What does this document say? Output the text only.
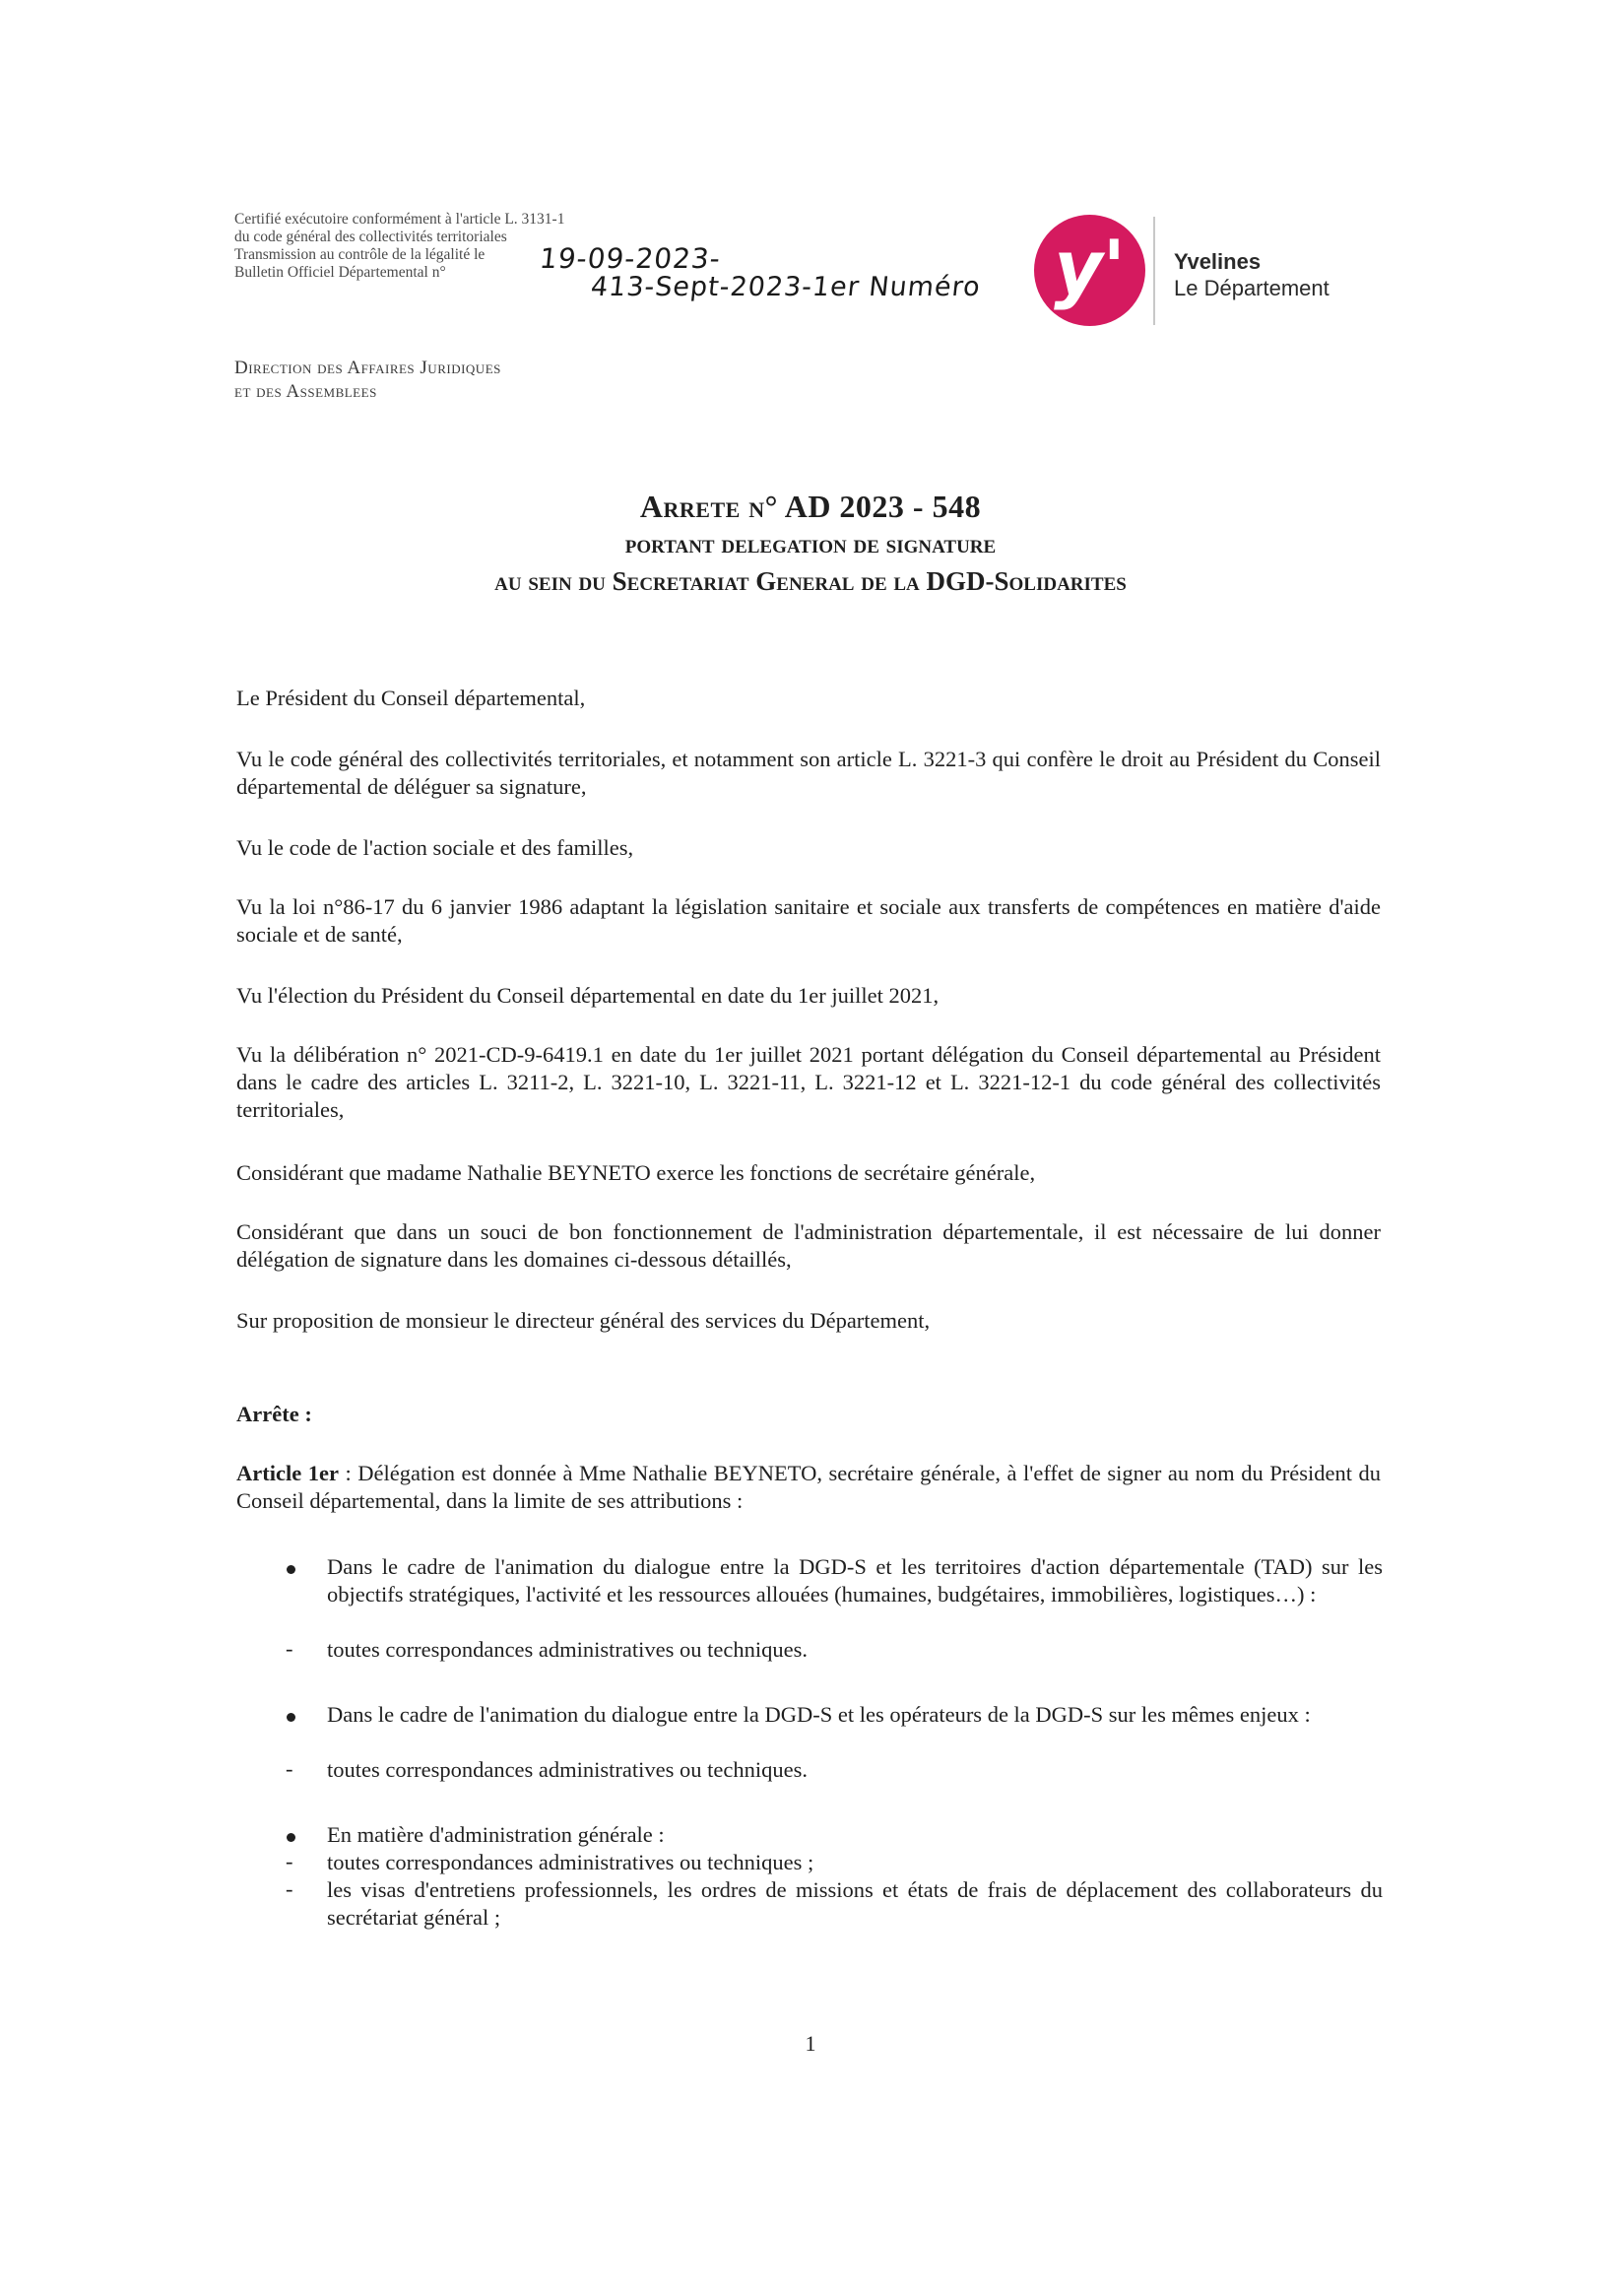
Certifié exécutoire conformément à l'article L. 3131-1
du code général des collectivités territoriales
Transmission au contrôle de la légalité le
Bulletin Officiel Départemental n°	19-09-2023-
413-Sept-2023-1er Numéro y'	Yvelines
Le Département
Direction des Affaires Juridiques
et des Assemblees
Arrete n° AD 2023 - 548
portant delegation de signature
au sein du Secretariat General de la DGD-Solidarites
Le Président du Conseil départemental,
Vu le code général des collectivités territoriales, et notamment son article L. 3221-3 qui confère le droit au Président du Conseil départemental de déléguer sa signature,
Vu le code de l'action sociale et des familles,
Vu la loi n°86-17 du 6 janvier 1986 adaptant la législation sanitaire et sociale aux transferts de compétences en matière d'aide sociale et de santé,
Vu l'élection du Président du Conseil départemental en date du 1er juillet 2021,
Vu la délibération n° 2021-CD-9-6419.1 en date du 1er juillet 2021 portant délégation du Conseil départemental au Président dans le cadre des articles L. 3211-2, L. 3221-10, L. 3221-11, L. 3221-12 et L. 3221-12-1 du code général des collectivités territoriales,
Considérant que madame Nathalie BEYNETO exerce les fonctions de secrétaire générale,
Considérant que dans un souci de bon fonctionnement de l'administration départementale, il est nécessaire de lui donner délégation de signature dans les domaines ci-dessous détaillés,
Sur proposition de monsieur le directeur général des services du Département,
Arrête :
Article 1er : Délégation est donnée à Mme Nathalie BEYNETO, secrétaire générale, à l'effet de signer au nom du Président du Conseil départemental, dans la limite de ses attributions :
Dans le cadre de l'animation du dialogue entre la DGD-S et les territoires d'action départementale (TAD) sur les objectifs stratégiques, l'activité et les ressources allouées (humaines, budgétaires, immobilières, logistiques…) :
- toutes correspondances administratives ou techniques.
Dans le cadre de l'animation du dialogue entre la DGD-S et les opérateurs de la DGD-S sur les mêmes enjeux :
- toutes correspondances administratives ou techniques.
En matière d'administration générale :
- toutes correspondances administratives ou techniques ;
- les visas d'entretiens professionnels, les ordres de missions et états de frais de déplacement des collaborateurs du secrétariat général ;
1
